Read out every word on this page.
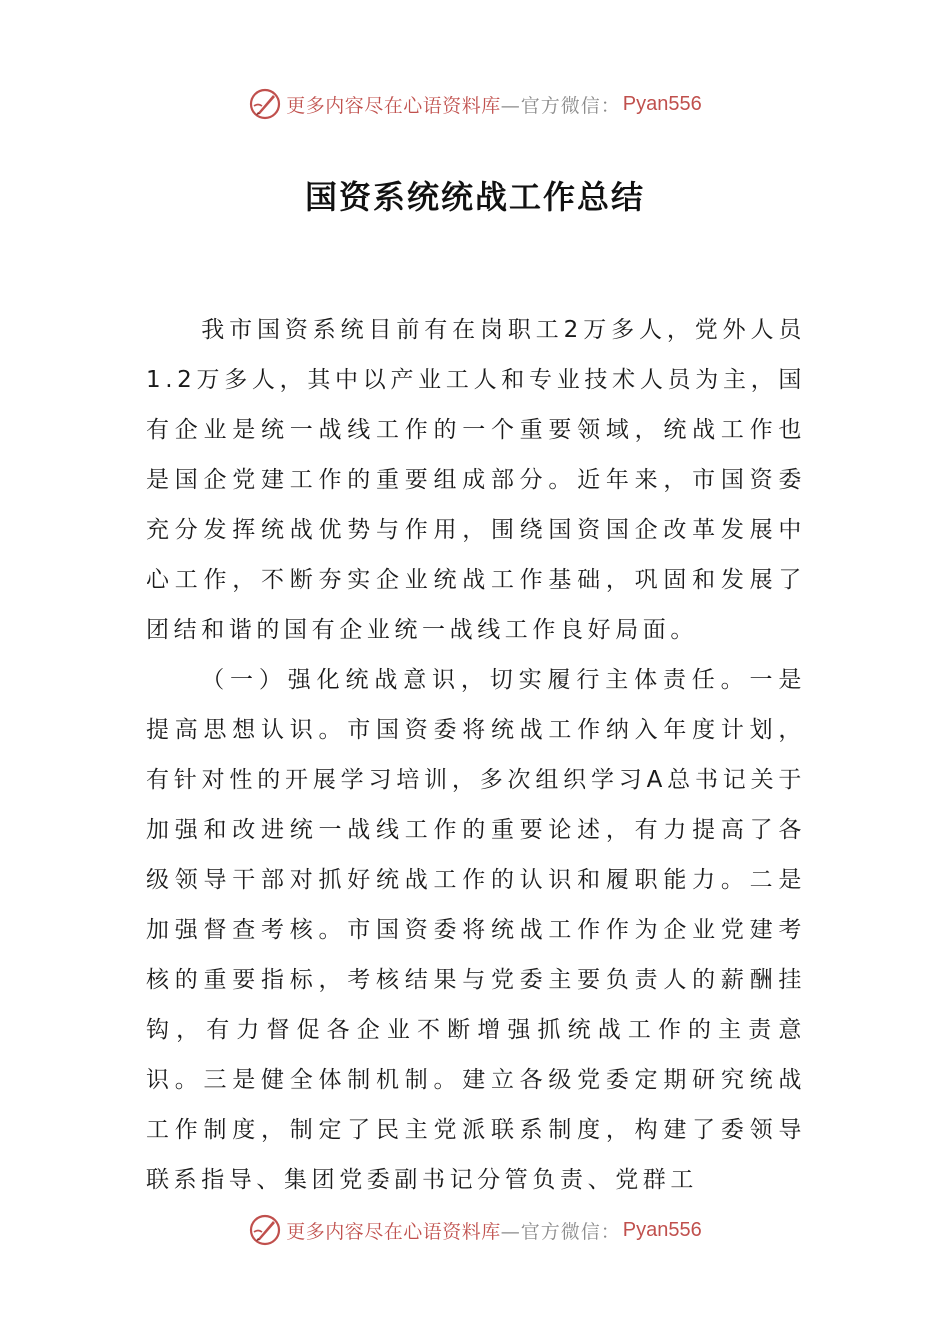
更多内容尽在心语资料库 —官方微信： Pyan556
国资系统统战工作总结

我市国资系统目前有在岗职工2万多人，党外人员1.2万多人，其中以产业工人和专业技术人员为主，国有企业是统一战线工作的一个重要领域，统战工作也是国企党建工作的重要组成部分。近年来，市国资委充分发挥统战优势与作用，围绕国资国企改革发展中心工作，不断夯实企业统战工作基础，巩固和发展了团结和谐的国有企业统一战线工作良好局面。

（一）强化统战意识，切实履行主体责任。一是提高思想认识。市国资委将统战工作纳入年度计划，有针对性的开展学习培训，多次组织学习A总书记关于加强和改进统一战线工作的重要论述，有力提高了各级领导干部对抓好统战工作的认识和履职能力。二是加强督查考核。市国资委将统战工作作为企业党建考核的重要指标，考核结果与党委主要负责人的薪酬挂钩，有力督促各企业不断增强抓统战工作的主责意识。三是健全体制机制。建立各级党委定期研究统战工作制度，制定了民主党派联系制度，构建了委领导联系指导、集团党委副书记分管负责、党群工

更多内容尽在心语资料库 —官方微信： Pyan556
